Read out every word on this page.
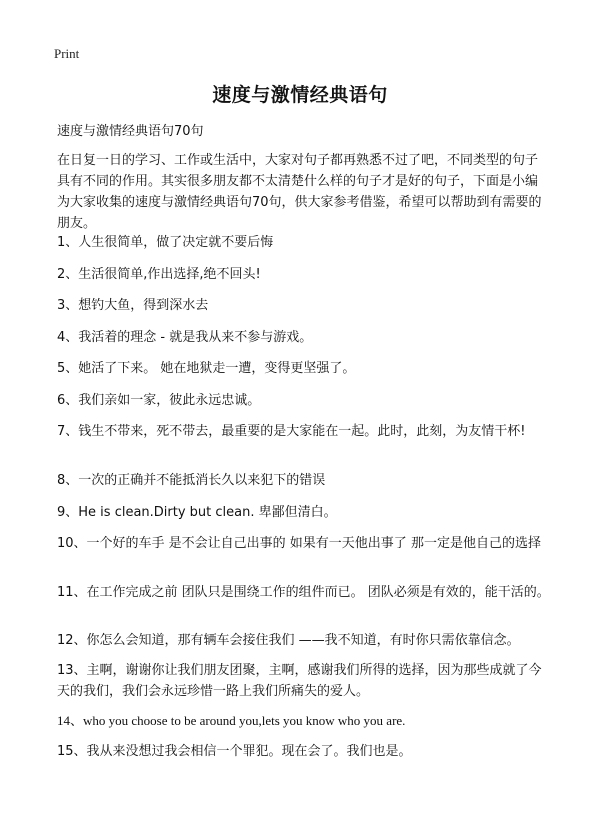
Print
速度与激情经典语句

速度与激情经典语句70句

在日复一日的学习、工作或生活中，大家对句子都再熟悉不过了吧，不同类型的句子具有不同的作用。其实很多朋友都不太清楚什么样的句子才是好的句子，下面是小编为大家收集的速度与激情经典语句70句，供大家参考借鉴，希望可以帮助到有需要的朋友。

1、人生很简单，做了决定就不要后悔
2、生活很简单,作出选择,绝不回头!
3、想钓大鱼，得到深水去
4、我活着的理念 - 就是我从来不参与游戏。
5、她活了下来。 她在地狱走一遭，变得更坚强了。
6、我们亲如一家，彼此永远忠诚。
7、钱生不带来，死不带去，最重要的是大家能在一起。此时，此刻，为友情干杯!
8、一次的正确并不能抵消长久以来犯下的错误
9、He is clean.Dirty but clean. 卑鄙但清白。
10、一个好的车手 是不会让自己出事的 如果有一天他出事了 那一定是他自己的选择
11、在工作完成之前 团队只是围绕工作的组件而已。 团队必须是有效的，能干活的。
12、你怎么会知道，那有辆车会接住我们 ——我不知道，有时你只需依靠信念。
13、主啊，谢谢你让我们朋友团聚，主啊，感谢我们所得的选择，因为那些成就了今天的我们，我们会永远珍惜一路上我们所痛失的爱人。
14、who you choose to be around you,lets you know who you are.
15、我从来没想过我会相信一个罪犯。现在会了。我们也是。
